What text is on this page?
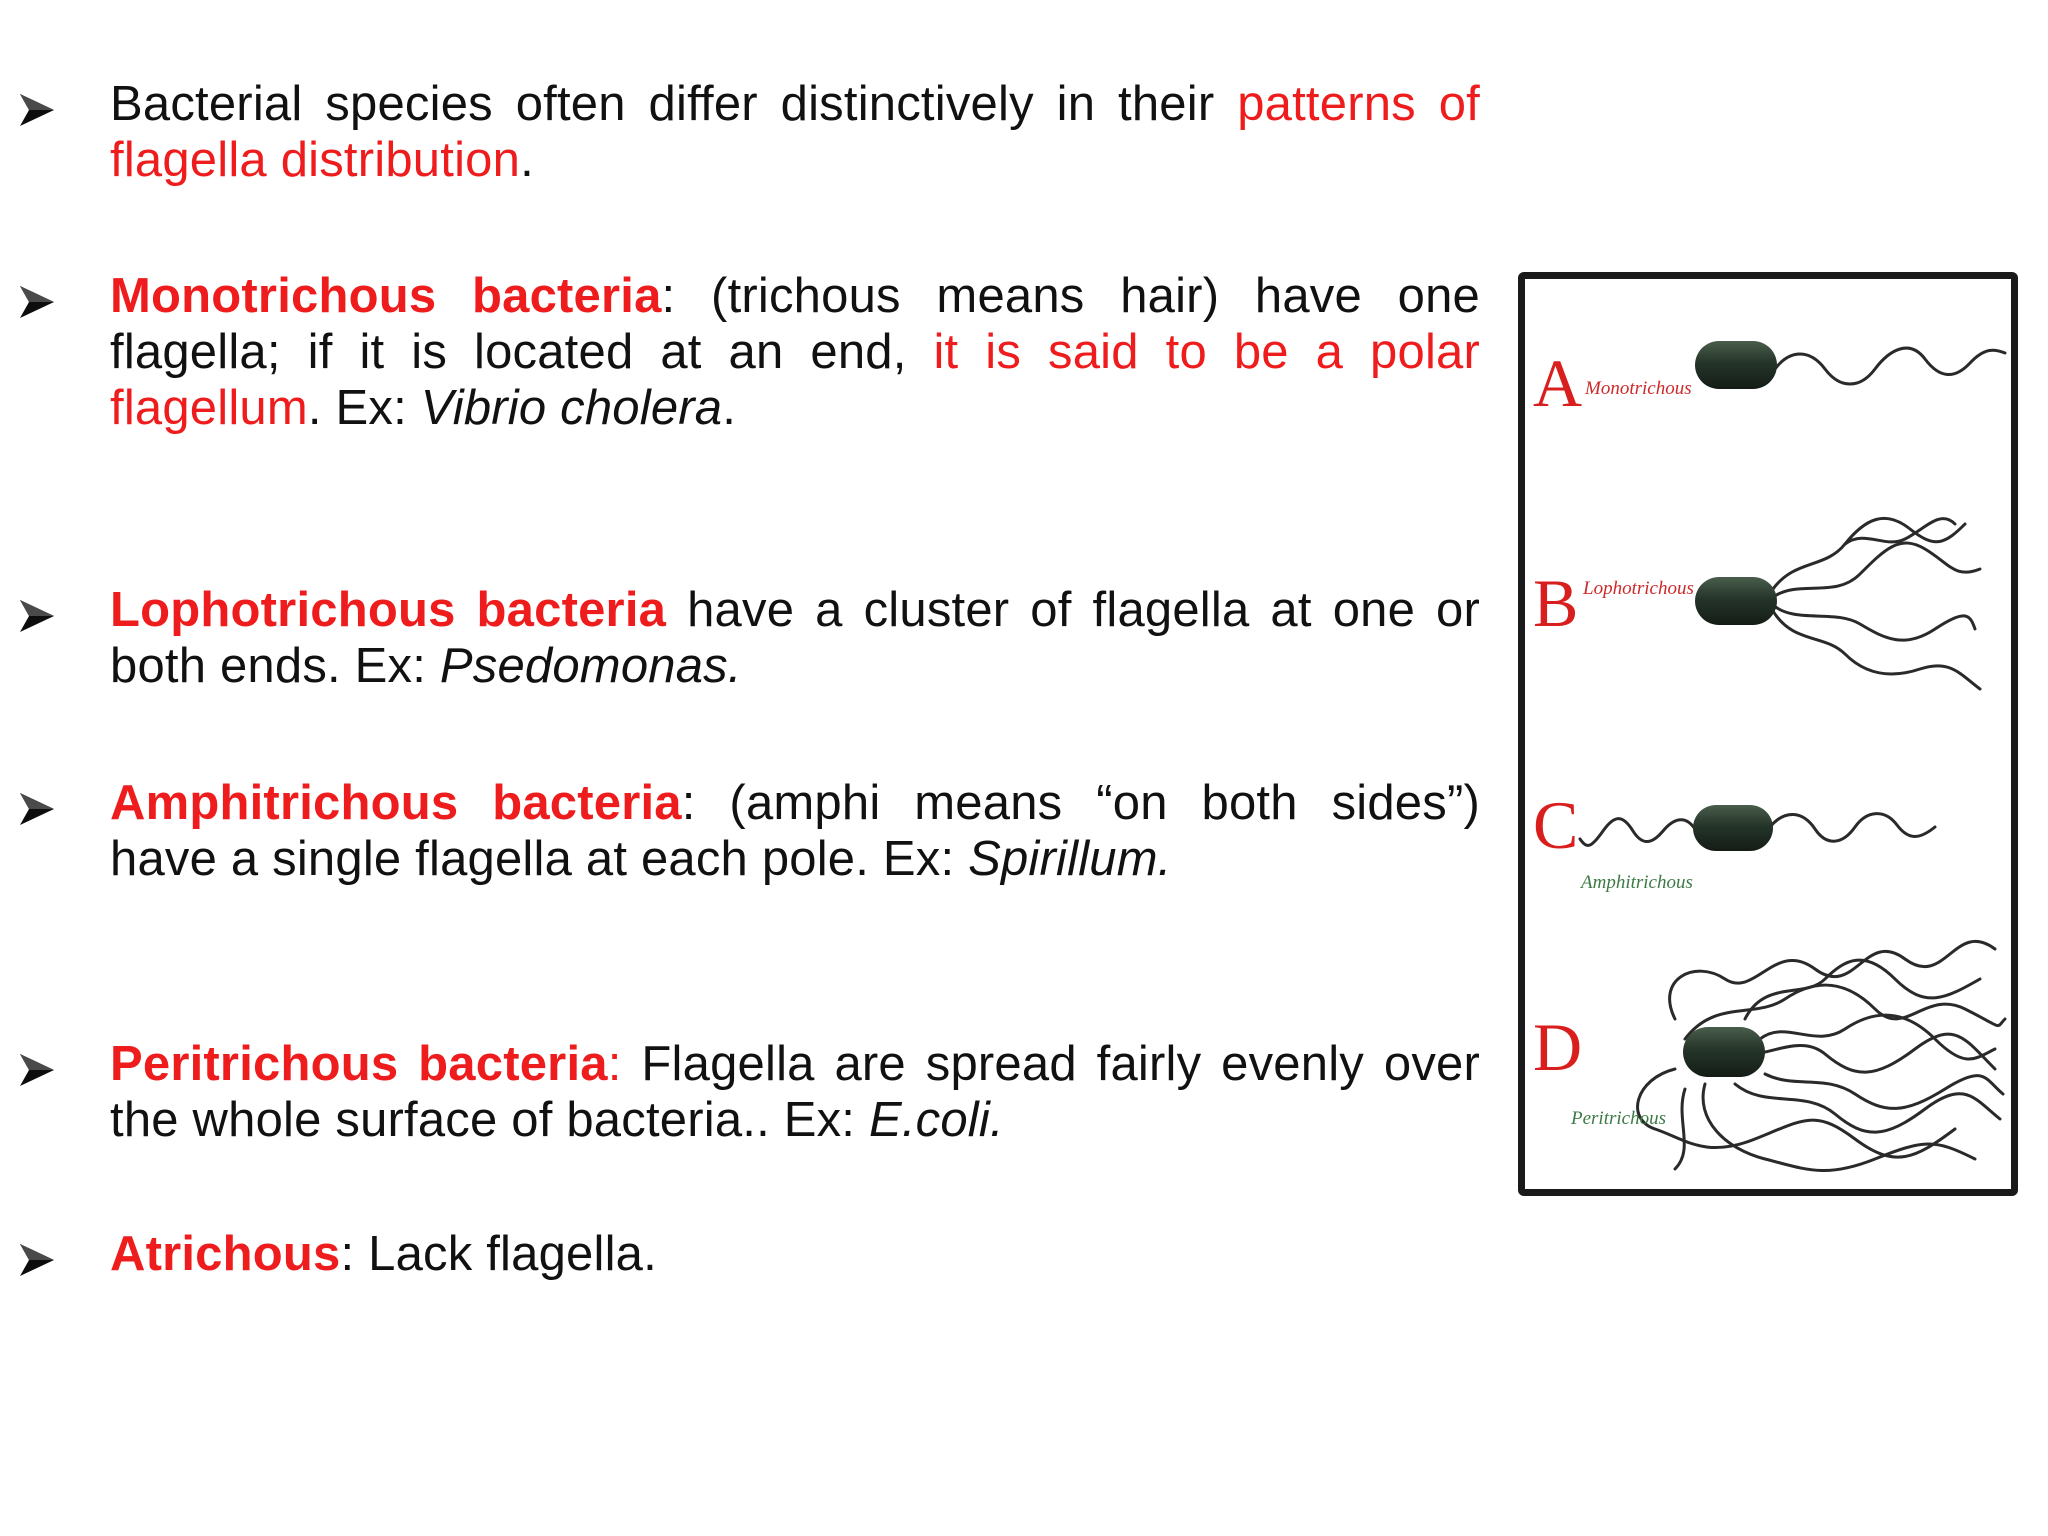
Bacterial species often differ distinctively in their patterns of flagella distribution.
Monotrichous bacteria: (trichous means hair) have one flagella; if it is located at an end, it is said to be a polar flagellum. Ex: Vibrio cholera.
Lophotrichous bacteria have a cluster of flagella at one or both ends. Ex: Psedomonas.
Amphitrichous bacteria: (amphi means “on both sides”) have a single flagella at each pole. Ex: Spirillum.
Peritrichous bacteria: Flagella are spread fairly evenly over the whole surface of bacteria.. Ex: E.coli.
Atrichous: Lack flagella.
A Monotrichous
B Lophotrichous
C
Amphitrichous
D
Peritrichous
